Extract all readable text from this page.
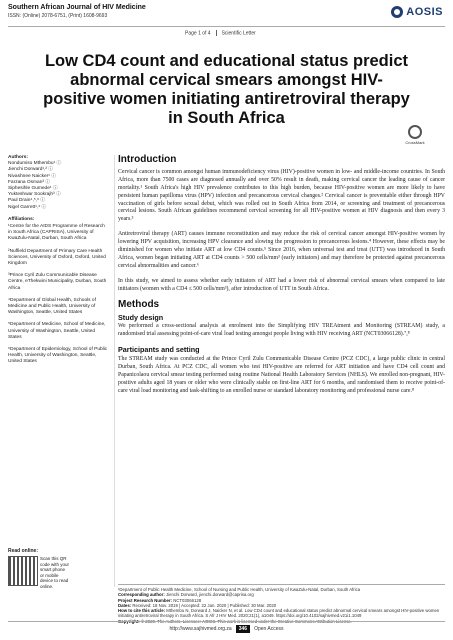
Southern African Journal of HIV Medicine
ISSN: (Online) 2078-6751, (Print) 1608-9693	AOSIS
Page 1 of 4 Scientific Letter
Low CD4 count and educational status predict abnormal cervical smears amongst HIV-positive women initiating antiretroviral therapy in South Africa
CrossMark
Authors:
Nondumiso Mthembu¹ ⓘ
Jienchi Dorward¹,² ⓘ
Nivashnee Naicker¹ ⓘ
Farzana Osman³ ⓘ
Siphesihle Gumede¹ ⓘ
Yukteshwar Sookrajh³ ⓘ
Paul Drain⁴,⁵,⁶ ⓘ
Nigel Garrett¹,⁴ ⓘ
Affiliations:
¹Centre for the AIDS Programme of Research in South Africa (CAPRISA), University of KwaZulu-Natal, Durban, South Africa
²Nuffield Department of Primary Care Health Sciences, University of Oxford, Oxford, United Kingdom
³Prince Cyril Zulu Communicable Disease Centre, eThekwini Municipality, Durban, South Africa
⁴Department of Global Health, Schools of Medicine and Public Health, University of Washington, Seattle, United States
⁵Department of Medicine, School of Medicine, University of Washington, Seattle, United States
⁶Department of Epidemiology, School of Public Health, University of Washington, Seattle, United States
Read online:
Scan this QR code with your smart phone or mobile device to read online.
Introduction

Cervical cancer is common amongst human immunodeficiency virus (HIV)-positive women in low- and middle-income countries. In South Africa, more than 7500 cases are diagnosed annually and over 50% result in death, making cervical cancer the leading cause of cancer mortality.¹ South Africa's high HIV prevalence contributes to this high burden, because HIV-positive women are more likely to have persistent human papilloma virus (HPV) infection and precancerous cervical changes.² Cervical cancer is preventable either through HPV vaccination of girls before sexual debut, which was rolled out in South Africa from 2014, or screening and treatment of precancerous cervical lesions. South African guidelines recommend cervical screening for all HIV-positive women at HIV diagnosis and then every 3 years.³

Antiretroviral therapy (ART) causes immune reconstitution and may reduce the risk of cervical cancer amongst HIV-positive women by lowering HPV acquisition, increasing HPV clearance and slowing the progression to precancerous lesions.⁴ However, these effects may be diminished for women who initiate ART at low CD4 counts.⁵ Since 2016, when universal test and treat (UTT) was introduced in South Africa, women began initiating ART at CD4 counts > 500 cells/mm³ (early initiators) and may therefore be protected against precancerous cervical abnormalities and cancer.⁶

In this study, we aimed to assess whether early initiators of ART had a lower risk of abnormal cervical smears when compared to late initiators (women with a CD4 ≤ 500 cells/mm³), after introduction of UTT in South Africa.

Methods
Study design

We performed a cross-sectional analysis at enrolment into the Simplifying HIV TREAtment and Monitoring (STREAM) study, a randomised trial assessing point-of-care viral load testing amongst people living with HIV receiving ART (NCT03066128).⁷,⁸

Participants and setting

The STREAM study was conducted at the Prince Cyril Zulu Communicable Disease Centre (PCZ CDC), a large public clinic in central Durban, South Africa. At PCZ CDC, all women who test HIV-positive are referred for ART initiation and have CD4 cell count and Papanicolaou cervical smear testing performed using routine National Health Laboratory Services (NHLS). We enrolled non-pregnant, HIV-positive adults aged 18 years or older who were clinically stable on first-line ART for 6 months, and randomised them to receive point-of-care viral load monitoring and task-shifting to an enrolled nurse or standard laboratory monitoring and professional nurse care.⁸

¹Department of Public Health Medicine, School of Nursing and Public Health, University of KwaZulu-Natal, Durban, South Africa

Corresponding author: Jienchi Dorward, jienchi.dorward@caprisa.org

Project Research Number: NCT03066128

Dates: Received: 18 Nov. 2019 | Accepted: 22 Jan. 2020 | Published: 30 Mar. 2020

How to cite this article: Mthembu N, Dorward J, Naicker N, et al. Low CD4 count and educational status predict abnormal cervical smears amongst HIV-positive women initiating antiretroviral therapy in South Africa. S Afr J HIV Med. 2020;21(1), a1049. https://doi.org/10.4102/sajhivmed.v21i1.1049

http://www.sajhivmed.org.za 346 Open Access
